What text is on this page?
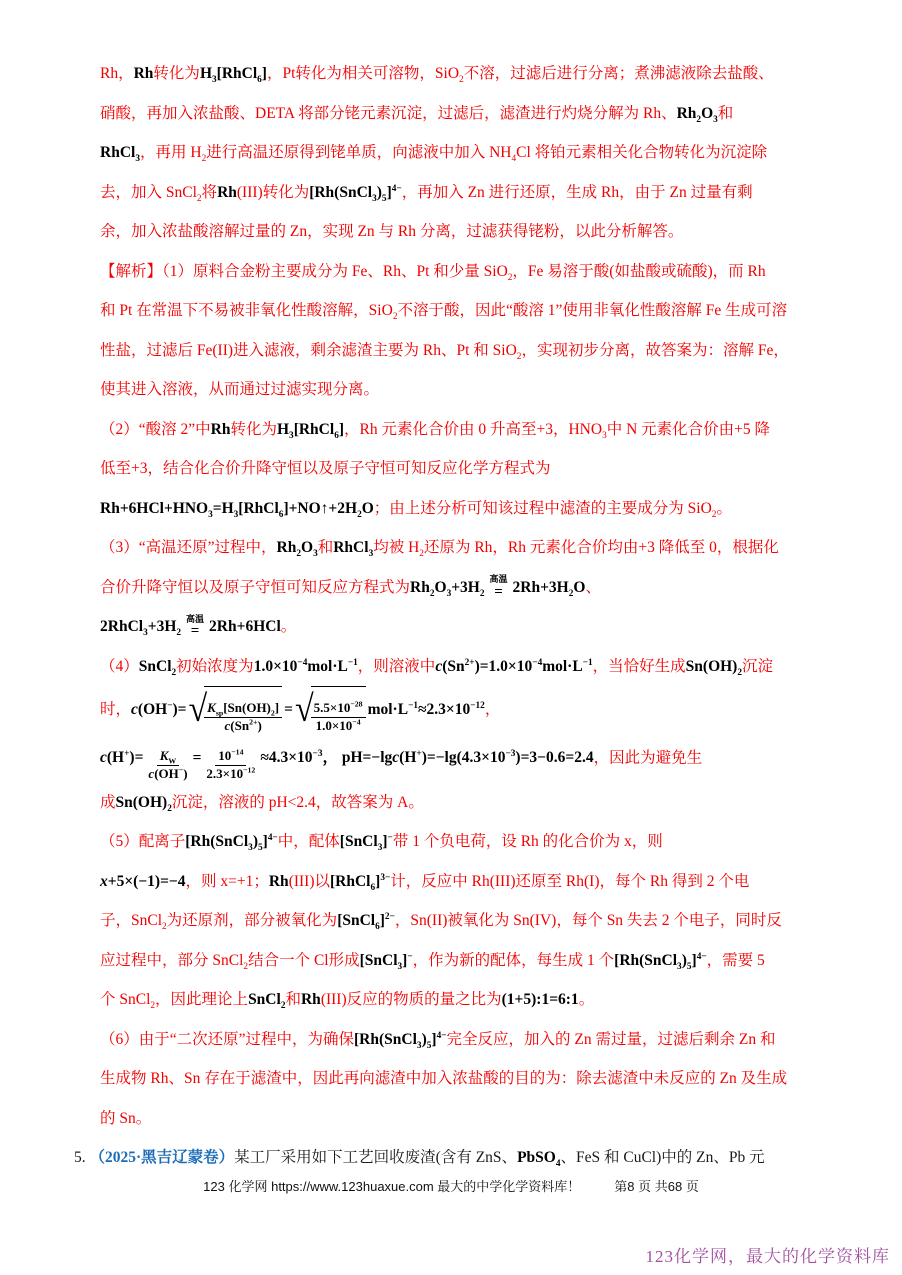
Rh，Rh转化为$H_3[RhCl_6]$，Pt转化为相关可溶物，SiO$_2$不溶，过滤后进行分离；煮沸滤液除去盐酸、
硝酸，再加入浓盐酸、DETA 将部分铑元素沉淀，过滤后，滤渣进行灼烧分解为 Rh、$Rh_2O_3$和
RhCl$_3$，再用 $H_2$进行高温还原得到铑单质，向滤液中加入 $NH_4Cl$ 将铂元素相关化合物转化为沉淀除
去，加入 SnCl$_2$将Rh(III)转化为$[Rh(SnCl_3)_5]^{4-}$，再加入 Zn 进行还原，生成 Rh，由于 Zn 过量有剩
余，加入浓盐酸溶解过量的 Zn，实现 Zn 与 Rh 分离，过滤获得铑粉，以此分析解答。
【解析】（1）原料合金粉主要成分为 Fe、Rh、Pt 和少量 SiO$_2$，Fe 易溶于酸(如盐酸或硫酸)，而 Rh
和 Pt 在常温下不易被非氧化性酸溶解，SiO$_2$不溶于酸，因此“酸溶 1”使用非氧化性酸溶解 Fe 生成可溶
性盐，过滤后 Fe(II)进入滤液，剩余滤渣主要为 Rh、Pt 和 SiO$_2$，实现初步分离，故答案为：溶解 Fe，
使其进入溶液，从而通过过滤实现分离。
（2）“酸溶 2”中Rh转化为$H_3[RhCl_6]$，Rh 元素化合价由 0 升高至+3，$HNO_3$中 N 元素化合价由+5 降
低至+3，结合化合价升降守恒以及原子守恒可知反应化学方程式为
$Rh+6HCl+HNO_3=H_3[RhCl_6]+NO↑+2H_2O$；由上述分析可知该过程中滤渣的主要成分为 SiO$_2$。
（3）“高温还原”过程中，$Rh_2O_3$和RhCl$_3$均被 $H_2$还原为 Rh，Rh 元素化合价均由+3 降低至 0，根据化
合价升降守恒以及原子守恒可知反应方程式为$Rh_2O_3+3H_2$
高温
= $2Rh+3H_2O$、
$2RhCl_3+3H_2$
高温
= 2Rh+6HCl。
（4）SnCl$_2$初始浓度为$1.0\times 10^{-4}mol\cdot L^{-1}$，则溶液中$c(Sn^{2+})=1.0\times 10^{-4}mol\cdot L^{-1}$，当恰好生成$Sn(OH)_2$沉淀
时，c(OH−)= √
$\frac{K_{sp}[Sn(OH)_2]}{c(Sn^{2+})}$ = √
$\frac{5.5\times 10^{-28}}{1.0\times 10^{-4}} mol\cdot L^{-1}\approx 2.3\times 10^{-12}$，
$c(H^+)= \frac{K_W}{c(OH^-)} = \frac{10^{-14}}{2.3\times 10^{-12}} \approx 4.3\times 10^{-3}$， $pH=-\lg c(H^+)=-\lg(4.3\times 10^{-3})=3-0.6=2.4$，因此为避免生
成$Sn(OH)_2$沉淀，溶液的 pH<2.4，故答案为 A。
（5）配离子$[Rh(SnCl_3)_5]^{4-}$中，配体[SnCl$_3$]−带 1 个负电荷，设 Rh 的化合价为 x，则
x+5×(−1)=−4，则 x=+1；Rh(III)以[RhCl$_6$]$^{3-}$计，反应中 Rh(III)还原至 Rh(I)，每个 Rh 得到 2 个电
子，SnCl$_2$为还原剂，部分被氧化为[SnCl$_6$]$^{2-}$，Sn(II)被氧化为 Sn(IV)，每个 Sn 失去 2 个电子，同时反
应过程中，部分 SnCl$_2$结合一个 Cl形成[SnCl$_3$]−，作为新的配体，每生成 1 个$[Rh(SnCl_3)_5]^{4-}$，需要 5
个 SnCl$_2$，因此理论上SnCl$_2$和Rh(III)反应的物质的量之比为(1+5):1=6:1。
（6）由于“二次还原”过程中，为确保$[Rh(SnCl_3)_5]^{4-}$完全反应，加入的 Zn 需过量，过滤后剩余 Zn 和
生成物 Rh、Sn 存在于滤渣中，因此再向滤渣中加入浓盐酸的目的为：除去滤渣中未反应的 Zn 及生成
的 Sn。
5. （2025·黑吉辽蒙卷）某工厂采用如下工艺回收废渣(含有 ZnS、PbSO$_4$、FeS 和 CuCl)中的 Zn、Pb 元
123 化学网 https://www.123huaxue.com 最大的中学化学资料库！	第8 页 共68 页
123化学网，最大的化学资料库
